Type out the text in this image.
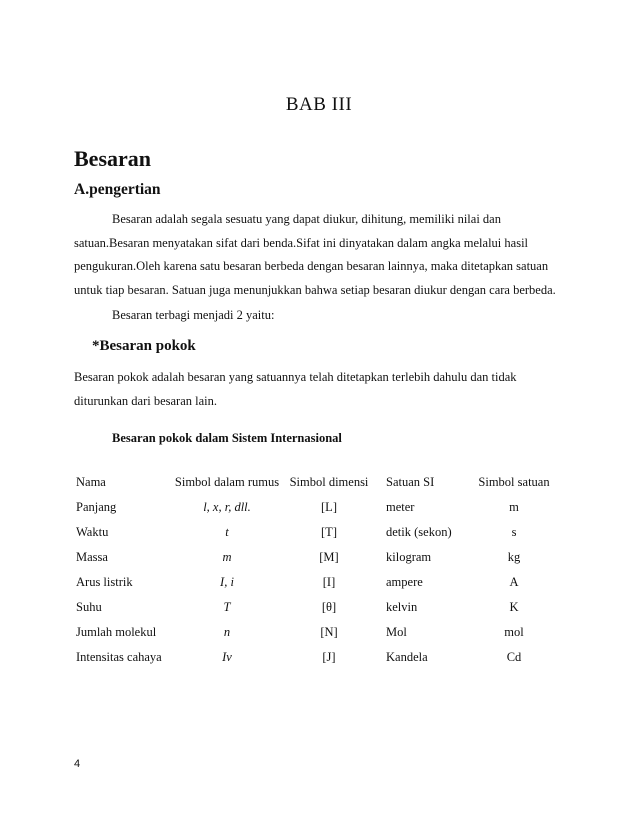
BAB III
Besaran
A.pengertian

Besaran adalah segala sesuatu yang dapat diukur, dihitung, memiliki nilai dan

satuan.Besaran menyatakan sifat dari benda.Sifat ini dinyatakan dalam angka melalui hasil

pengukuran.Oleh karena satu besaran berbeda dengan besaran lainnya, maka ditetapkan satuan

untuk tiap besaran. Satuan juga menunjukkan bahwa setiap besaran diukur dengan cara berbeda.

Besaran terbagi menjadi 2 yaitu:
*Besaran pokok

Besaran pokok adalah besaran yang satuannya telah ditetapkan terlebih dahulu dan tidak

diturunkan dari besaran lain.

Besaran pokok dalam Sistem Internasional
Nama	Simbol dalam rumus	Simbol dimensi	Satuan SI	Simbol satuan
Panjang	l, x, r, dll.	[L]	meter	m
Waktu	t	[T]	detik (sekon)	s
Massa	m	[M]	kilogram	kg
Arus listrik	I, i	[I]	ampere	A
Suhu	T	[θ]	kelvin	K
Jumlah molekul	n	[N]	Mol	mol
Intensitas cahaya	Iv	[J]	Kandela	Cd
4
